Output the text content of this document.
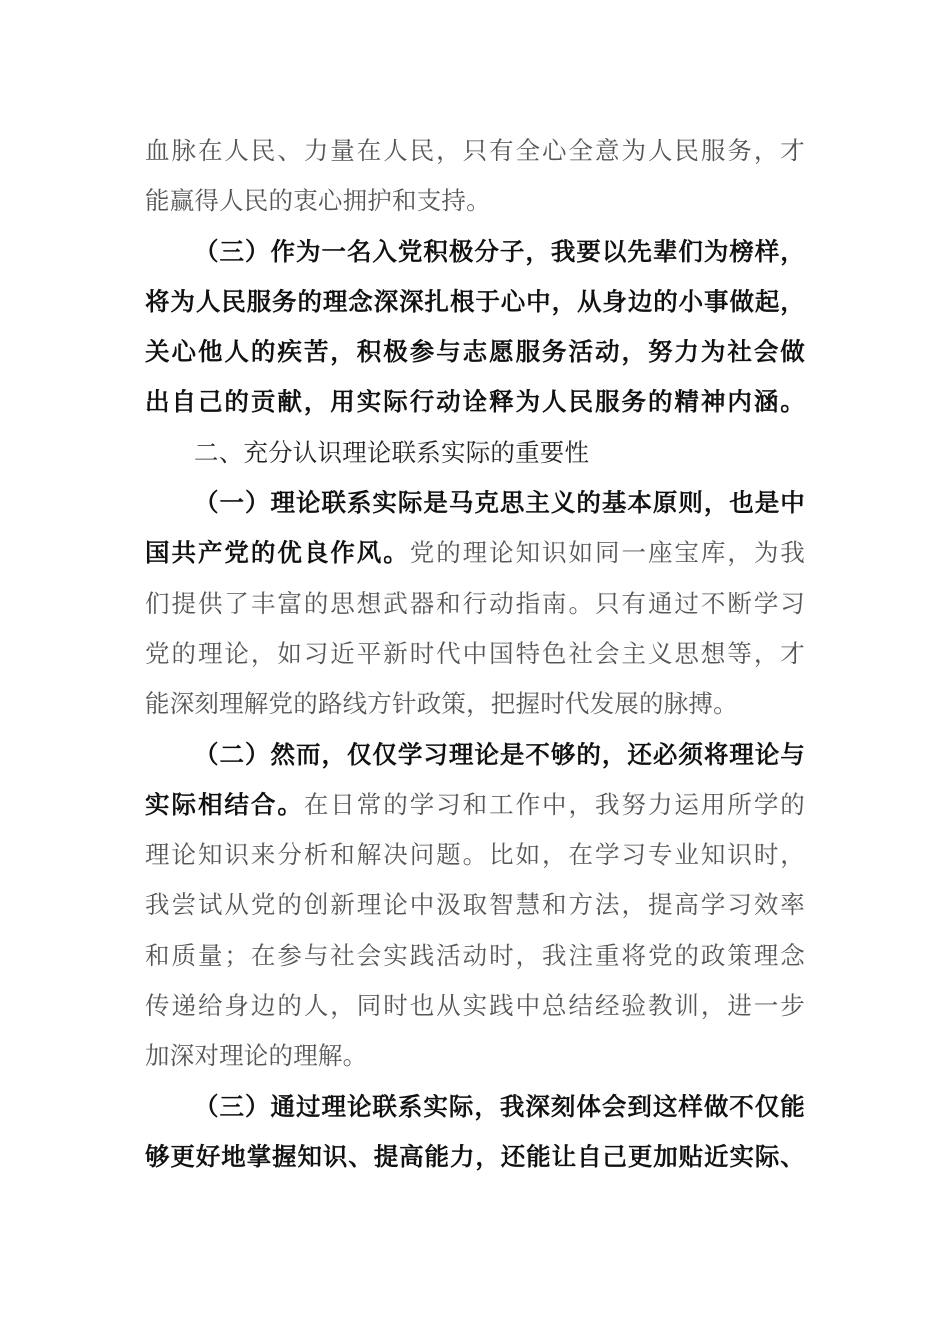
血脉在人民、力量在人民，只有全心全意为人民服务，才
能赢得人民的衷心拥护和支持。
（三）作为一名入党积极分子，我要以先辈们为榜样，
将为人民服务的理念深深扎根于心中，从身边的小事做起，
关心他人的疾苦，积极参与志愿服务活动，努力为社会做
出自己的贡献，用实际行动诠释为人民服务的精神内涵。
二、充分认识理论联系实际的重要性
（一）理论联系实际是马克思主义的基本原则，也是中
国共产党的优良作风。党的理论知识如同一座宝库，为我
们提供了丰富的思想武器和行动指南。只有通过不断学习
党的理论，如习近平新时代中国特色社会主义思想等，才
能深刻理解党的路线方针政策，把握时代发展的脉搏。
（二）然而，仅仅学习理论是不够的，还必须将理论与
实际相结合。在日常的学习和工作中，我努力运用所学的
理论知识来分析和解决问题。比如，在学习专业知识时，
我尝试从党的创新理论中汲取智慧和方法，提高学习效率
和质量；在参与社会实践活动时，我注重将党的政策理念
传递给身边的人，同时也从实践中总结经验教训，进一步
加深对理论的理解。
（三）通过理论联系实际，我深刻体会到这样做不仅能
够更好地掌握知识、提高能力，还能让自己更加贴近实际、
